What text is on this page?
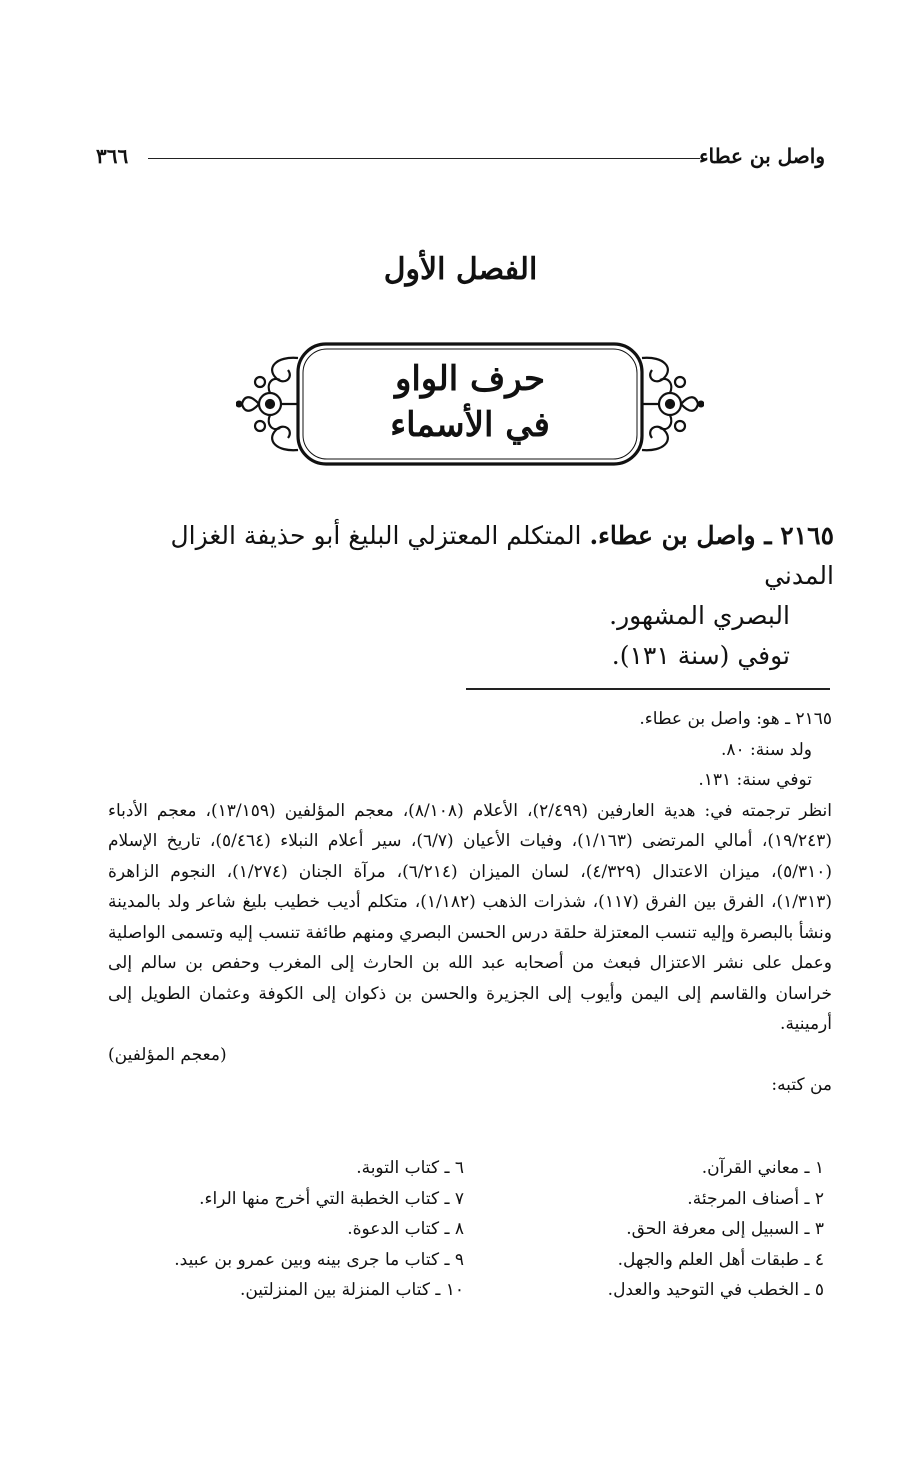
واصل بن عطاء
٣٦٦
الفصل الأول
حرف الواو
في الأسماء

٢١٦٥ ـ واصل بن عطاء. المتكلم المعتزلي البليغ أبو حذيفة الغزال المدني

البصري المشهور.

توفي (سنة ١٣١).

٢١٦٥ ـ هو: واصل بن عطاء.

ولد سنة: ٨٠.

توفي سنة: ١٣١.

انظر ترجمته في: هدية العارفين (٢/٤٩٩)، الأعلام (٨/١٠٨)، معجم المؤلفين (١٣/١٥٩)، معجم الأدباء (١٩/٢٤٣)، أمالي المرتضى (١/١٦٣)، وفيات الأعيان (٦/٧)، سير أعلام النبلاء (٥/٤٦٤)، تاريخ الإسلام (٥/٣١٠)، ميزان الاعتدال (٤/٣٢٩)، لسان الميزان (٦/٢١٤)، مرآة الجنان (١/٢٧٤)، النجوم الزاهرة (١/٣١٣)، الفرق بين الفرق (١١٧)، شذرات الذهب (١/١٨٢)، متكلم أديب خطيب بليغ شاعر ولد بالمدينة ونشأ بالبصرة وإليه تنسب المعتزلة حلقة درس الحسن البصري ومنهم طائفة تنسب إليه وتسمى الواصلية وعمل على نشر الاعتزال فبعث من أصحابه عبد الله بن الحارث إلى المغرب وحفص بن سالم إلى خراسان والقاسم إلى اليمن وأيوب إلى الجزيرة والحسن بن ذكوان إلى الكوفة وعثمان الطويل إلى أرمينية.

(معجم المؤلفين)

من كتبه:

١ ـ معاني القرآن.
٢ ـ أصناف المرجئة.
٣ ـ السبيل إلى معرفة الحق.
٤ ـ طبقات أهل العلم والجهل.
٥ ـ الخطب في التوحيد والعدل.
٦ ـ كتاب التوبة.
٧ ـ كتاب الخطبة التي أخرج منها الراء.
٨ ـ كتاب الدعوة.
٩ ـ كتاب ما جرى بينه وبين عمرو بن عبيد.
١٠ ـ كتاب المنزلة بين المنزلتين.
